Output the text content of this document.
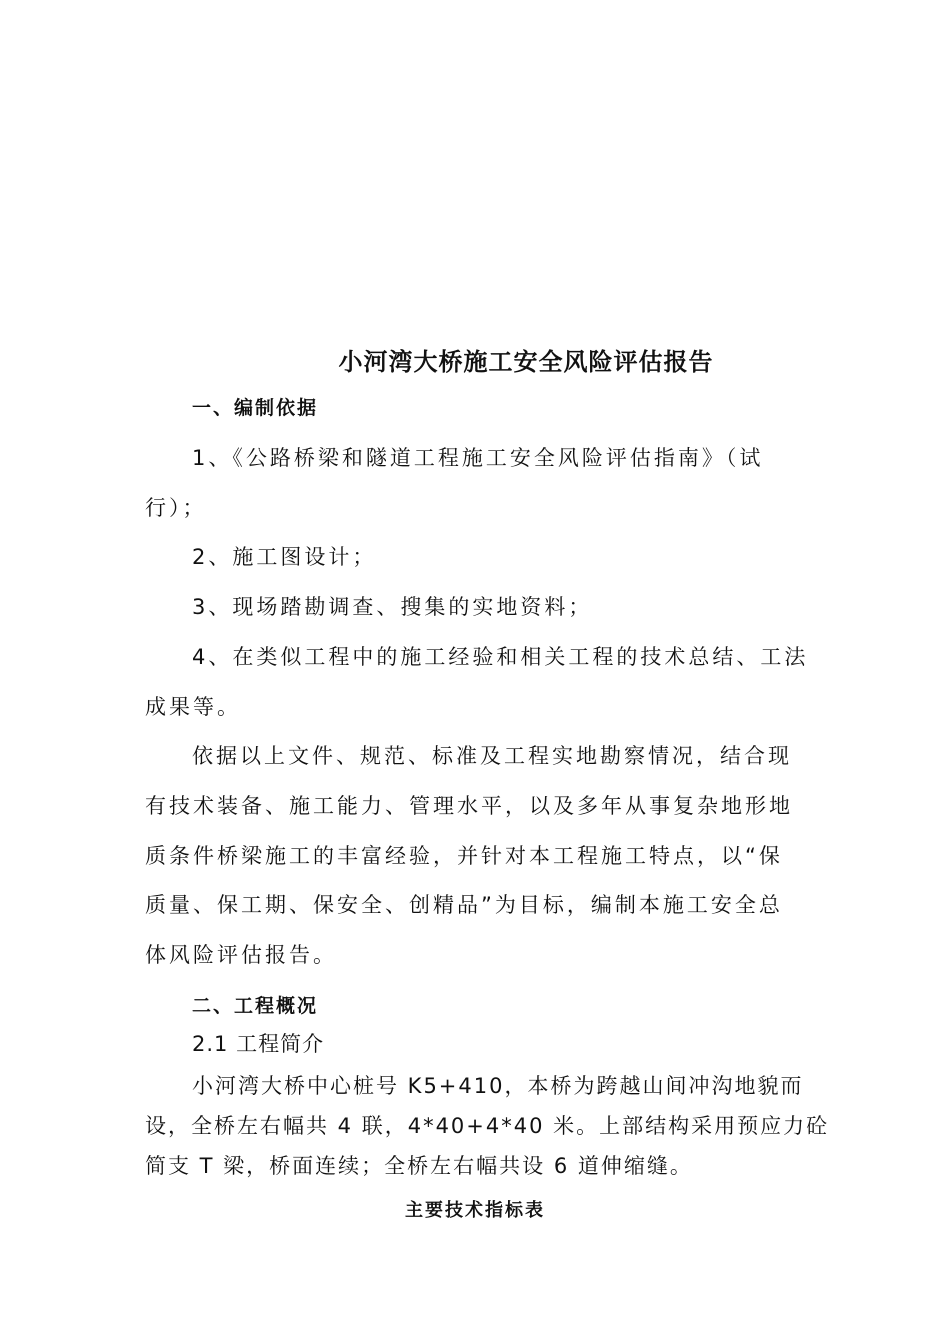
小河湾大桥施工安全风险评估报告
一、编制依据
1、《公路桥梁和隧道工程施工安全风险评估指南》（试
行）；
2、施工图设计；
3、现场踏勘调查、搜集的实地资料；
4、在类似工程中的施工经验和相关工程的技术总结、工法
成果等。
依据以上文件、规范、标准及工程实地勘察情况，结合现
有技术装备、施工能力、管理水平，以及多年从事复杂地形地
质条件桥梁施工的丰富经验，并针对本工程施工特点，以“保
质量、保工期、保安全、创精品”为目标，编制本施工安全总
体风险评估报告。
二、工程概况
2.1 工程简介
小河湾大桥中心桩号 K5+410，本桥为跨越山间冲沟地貌而
设，全桥左右幅共 4 联，4*40+4*40 米。上部结构采用预应力砼
简支 T 梁，桥面连续；全桥左右幅共设 6 道伸缩缝。
主要技术指标表
